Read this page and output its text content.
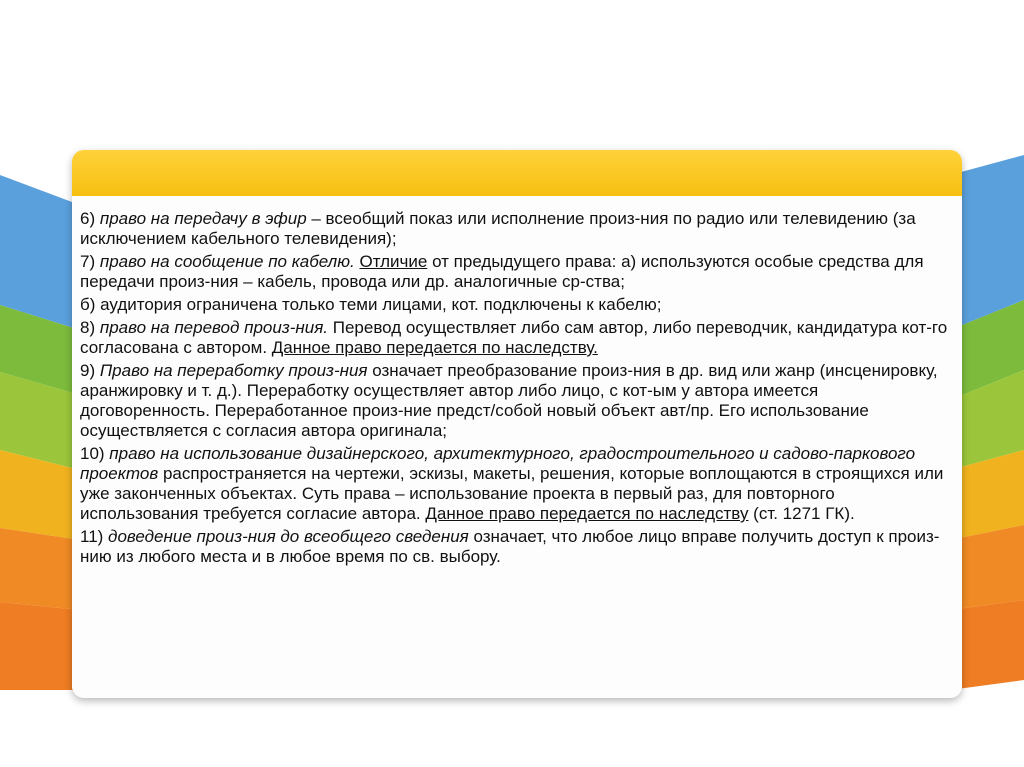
6) право на передачу в эфир – всеобщий показ или исполнение произ-ния по радио или телевидению (за исключением кабельного телевидения);
7) право на сообщение по кабелю. Отличие от предыдущего права: а) используются особые средства для передачи произ-ния – кабель, провода или др. аналогичные ср-ства;
б) аудитория ограничена только теми лицами, кот. подключены к кабелю;
8) право на перевод произ-ния. Перевод осуществляет либо сам автор, либо переводчик, кандидатура кот-го согласована с автором. Данное право передается по наследству.
9) Право на переработку произ-ния означает преобразование произ-ния в др. вид или жанр (инсценировку, аранжировку и т. д.). Переработку осуществляет автор либо лицо, с кот-ым у автора имеется договоренность. Переработанное произ-ние предст/собой новый объект авт/пр. Его использование осуществляется с согласия автора оригинала;
10) право на использование дизайнерского, архитектурного, градостроительного и садово-паркового проектов распространяется на чертежи, эскизы, макеты, решения, которые воплощаются в строящихся или уже законченных объектах. Суть права – использование проекта в первый раз, для повторного использования требуется согласие автора. Данное право передается по наследству (ст. 1271 ГК).
11) доведение произ-ния до всеобщего сведения означает, что любое лицо вправе получить доступ к произ-нию из любого места и в любое время по св. выбору.
